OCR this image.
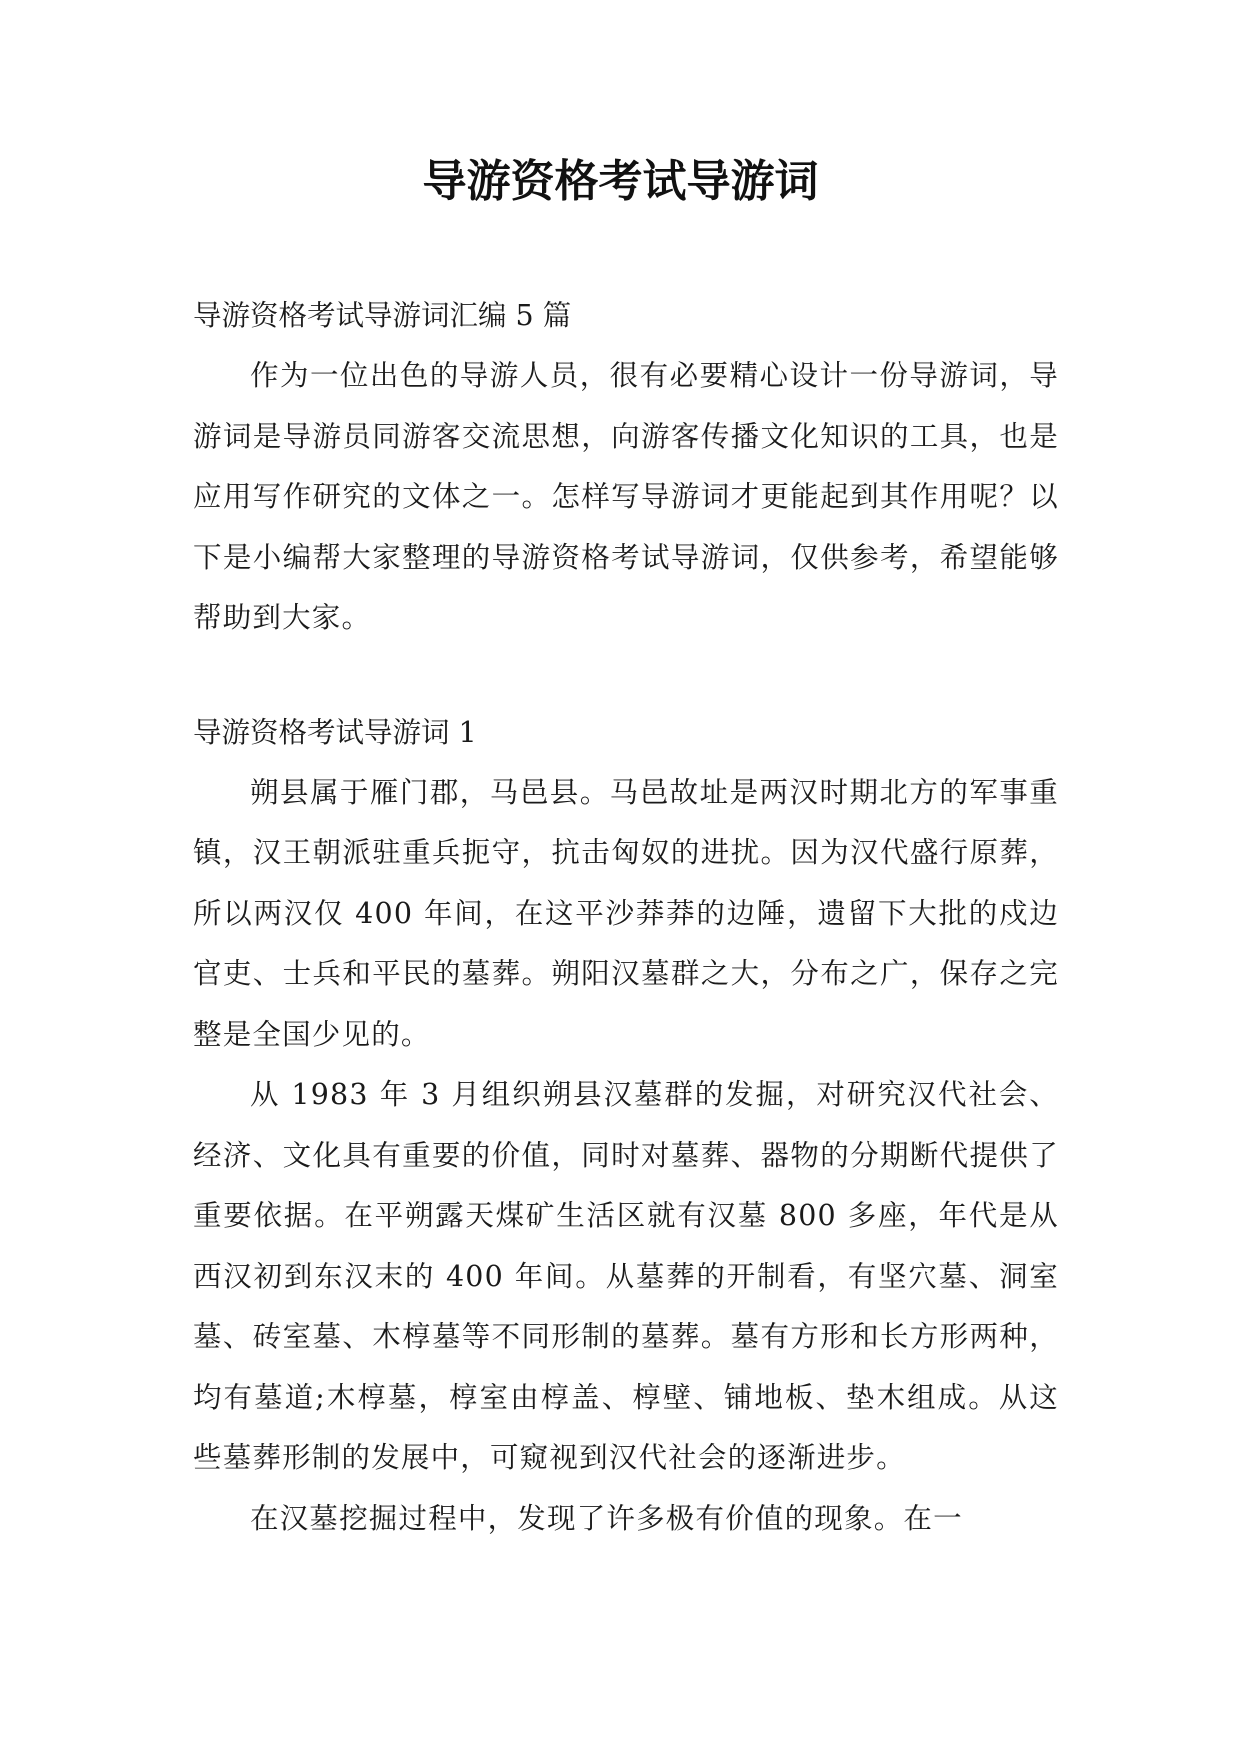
导游资格考试导游词

导游资格考试导游词汇编 5 篇

作为一位出色的导游人员，很有必要精心设计一份导游词，导游词是导游员同游客交流思想，向游客传播文化知识的工具，也是应用写作研究的文体之一。怎样写导游词才更能起到其作用呢？以下是小编帮大家整理的导游资格考试导游词，仅供参考，希望能够帮助到大家。

导游资格考试导游词 1

朔县属于雁门郡，马邑县。马邑故址是两汉时期北方的军事重镇，汉王朝派驻重兵扼守，抗击匈奴的进扰。因为汉代盛行原葬，所以两汉仅 400 年间，在这平沙莽莽的边陲，遗留下大批的戍边官吏、士兵和平民的墓葬。朔阳汉墓群之大，分布之广，保存之完整是全国少见的。

从 1983 年 3 月组织朔县汉墓群的发掘，对研究汉代社会、经济、文化具有重要的价值，同时对墓葬、器物的分期断代提供了重要依据。在平朔露天煤矿生活区就有汉墓 800 多座，年代是从西汉初到东汉末的 400 年间。从墓葬的开制看，有坚穴墓、洞室墓、砖室墓、木椁墓等不同形制的墓葬。墓有方形和长方形两种，均有墓道;木椁墓，椁室由椁盖、椁壁、铺地板、垫木组成。从这些墓葬形制的发展中，可窥视到汉代社会的逐渐进步。

在汉墓挖掘过程中，发现了许多极有价值的现象。在一
